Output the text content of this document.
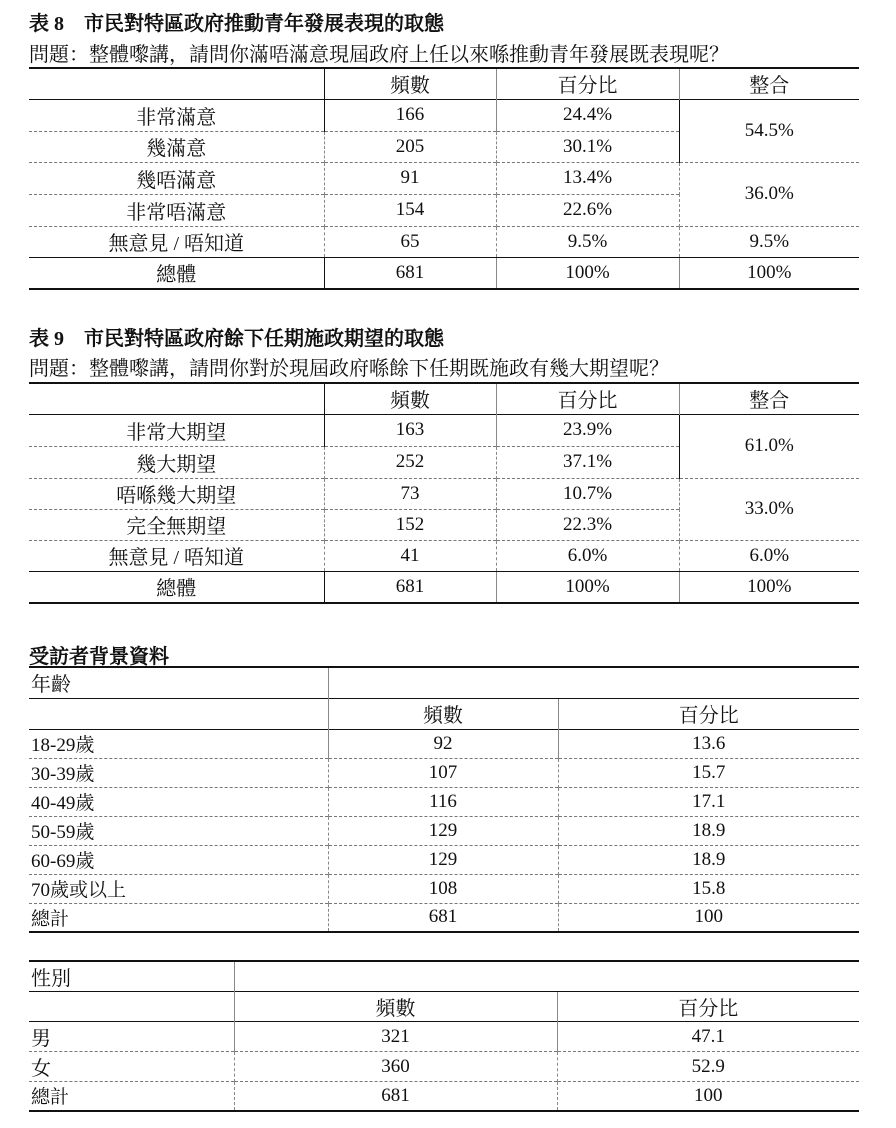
表 8　市民對特區政府推動青年發展表現的取態
問題：整體嚟講，請問你滿唔滿意現屆政府上任以來喺推動青年發展既表現呢？
	頻數	百分比	整合
非常滿意	166	24.4%	54.5%
幾滿意	205	30.1%	
幾唔滿意	91	13.4%	36.0%
非常唔滿意	154	22.6%	
無意見 / 唔知道	65	9.5%	9.5%
總體	681	100%	100%
表 9　市民對特區政府餘下任期施政期望的取態
問題：整體嚟講，請問你對於現屆政府喺餘下任期既施政有幾大期望呢？
	頻數	百分比	整合
非常大期望	163	23.9%	61.0%
幾大期望	252	37.1%	
唔喺幾大期望	73	10.7%	33.0%
完全無期望	152	22.3%	
無意見 / 唔知道	41	6.0%	6.0%
總體	681	100%	100%
受訪者背景資料
年齡		
	頻數	百分比
18-29歲	92	13.6
30-39歲	107	15.7
40-49歲	116	17.1
50-59歲	129	18.9
60-69歲	129	18.9
70歲或以上	108	15.8
總計	681	100
性別		
	頻數	百分比
男	321	47.1
女	360	52.9
總計	681	100
